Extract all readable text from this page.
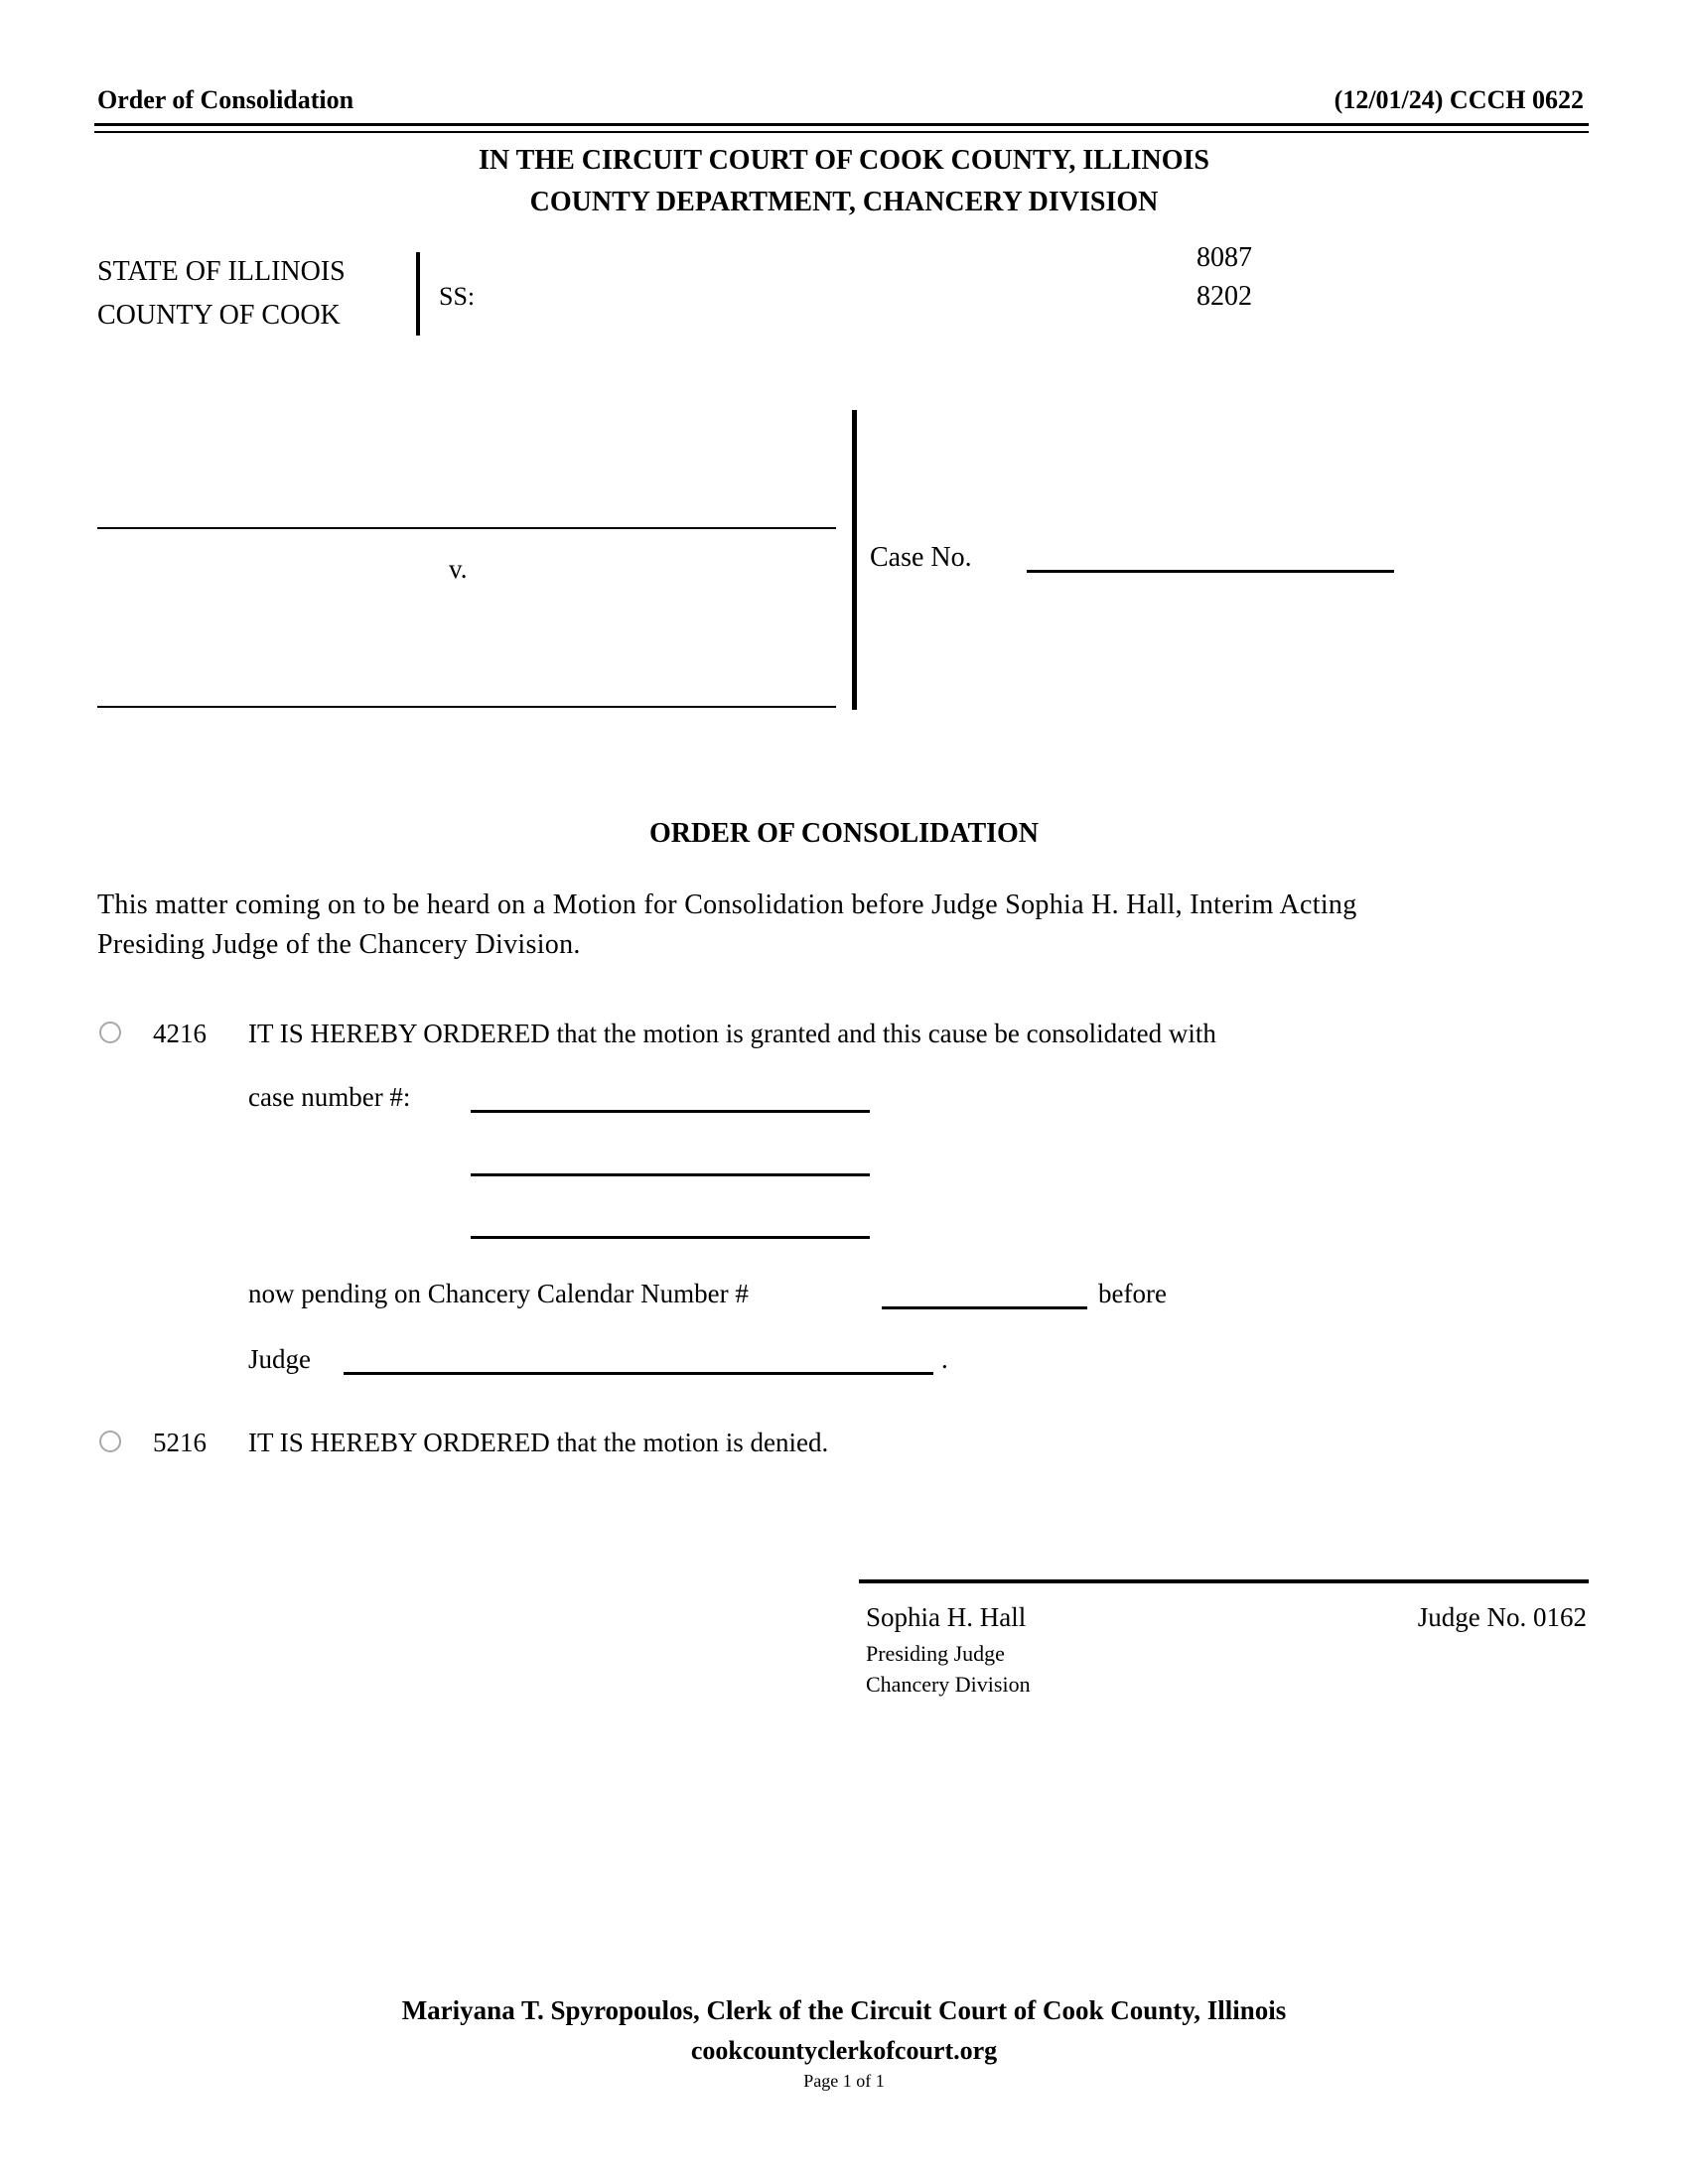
Order of Consolidation	(12/01/24) CCCH 0622
IN THE CIRCUIT COURT OF COOK COUNTY, ILLINOIS
COUNTY DEPARTMENT, CHANCERY DIVISION
STATE OF ILLINOIS
COUNTY OF COOK
SS:
8087
8202
v.	Case No.
ORDER OF CONSOLIDATION
This matter coming on to be heard on a Motion for Consolidation before Judge Sophia H. Hall, Interim Acting
Presiding Judge of the Chancery Division.
4216 IT IS HEREBY ORDERED that the motion is granted and this cause be consolidated with
case number #:
now pending on Chancery Calendar Number #	before
Judge	.
5216 IT IS HEREBY ORDERED that the motion is denied.
Sophia H. Hall	Judge No. 0162
Presiding Judge
Chancery Division
Mariyana T. Spyropoulos, Clerk of the Circuit Court of Cook County, Illinois
cookcountyclerkofcourt.org
Page 1 of 1
